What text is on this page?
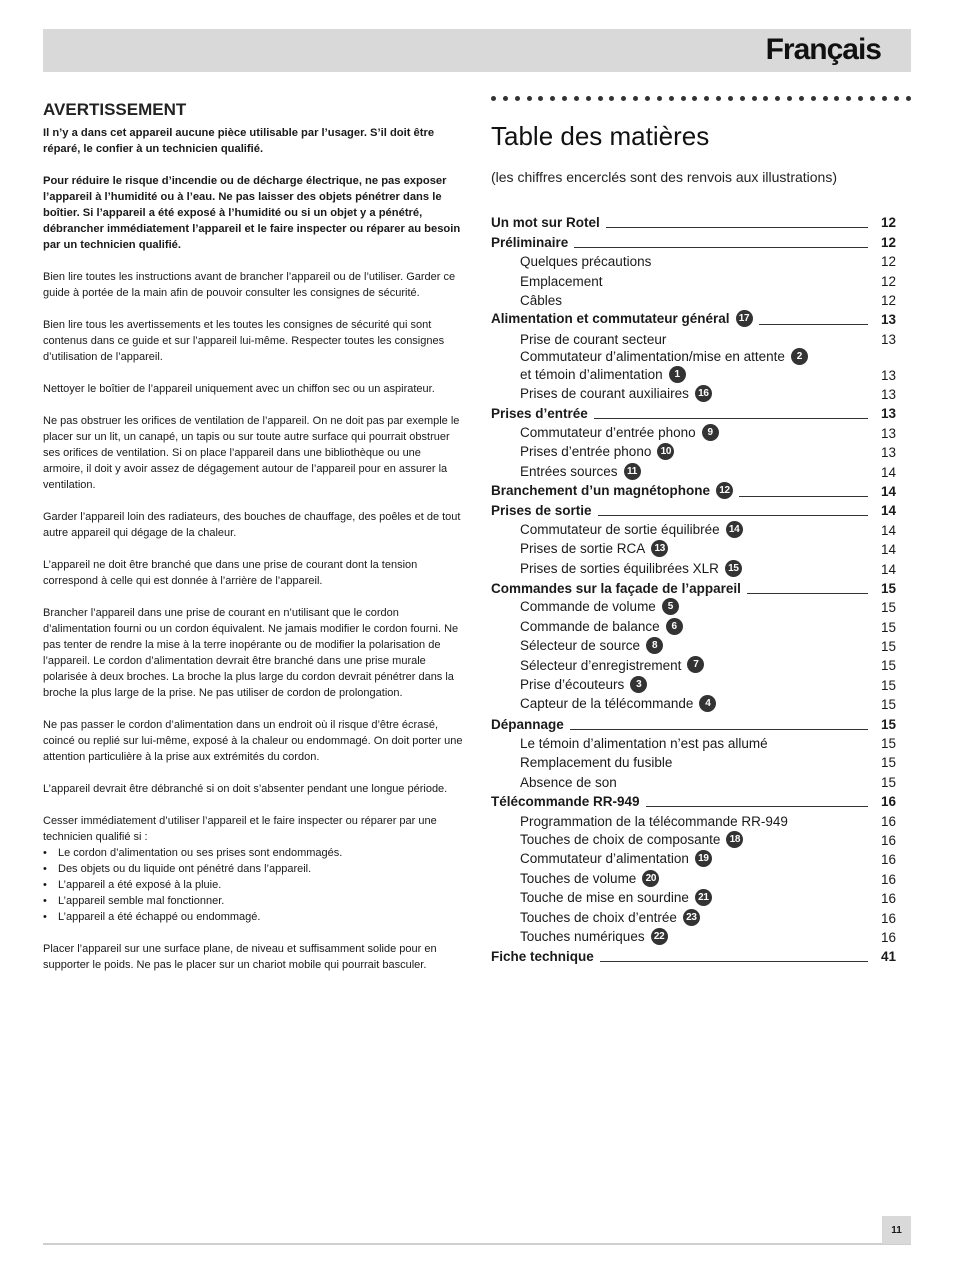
Français
AVERTISSEMENT

Il n’y a dans cet appareil aucune pièce utilisable par l’usager. S’il doit être réparé, le confier à un technicien qualifié.

Pour réduire le risque d’incendie ou de décharge électrique, ne pas exposer l’appareil à l’humidité ou à l’eau. Ne pas laisser des objets pénétrer dans le boîtier. Si l’appareil a été exposé à l’humidité ou si un objet y a pénétré, débrancher immédiatement l’appareil et le faire inspecter ou réparer au besoin par un technicien qualifié.

Bien lire toutes les instructions avant de brancher l’appareil ou de l’utiliser. Garder ce guide à portée de la main afin de pouvoir consulter les consignes de sécurité.

Bien lire tous les avertissements et les toutes les consignes de sécurité qui sont contenus dans ce guide et sur l’appareil lui-même. Respecter toutes les consignes d’utilisation de l’appareil.

Nettoyer le boîtier de l’appareil uniquement avec un chiffon sec ou un aspirateur.

Ne pas obstruer les orifices de ventilation de l’appareil. On ne doit pas par exemple le placer sur un lit, un canapé, un tapis ou sur toute autre surface qui pourrait obstruer ses orifices de ventilation. Si on place l’appareil dans une bibliothèque ou une armoire, il doit y avoir assez de dégagement autour de l’appareil pour en assurer la ventilation.

Garder l’appareil loin des radiateurs, des bouches de chauffage, des poêles et de tout autre appareil qui dégage de la chaleur.

L’appareil ne doit être branché que dans une prise de courant dont la tension correspond à celle qui est donnée à l’arrière de l’appareil.

Brancher l’appareil dans une prise de courant en n’utilisant que le cordon d’alimentation fourni ou un cordon équivalent. Ne jamais modifier le cordon fourni. Ne pas tenter de rendre la mise à la terre inopérante ou de modifier la polarisation de l’appareil. Le cordon d’alimentation devrait être branché dans une prise murale polarisée à deux broches. La broche la plus large du cordon devrait pénétrer dans la broche la plus large de la prise. Ne pas utiliser de cordon de prolongation.

Ne pas passer le cordon d’alimentation dans un endroit où il risque d’être écrasé, coincé ou replié sur lui-même, exposé à la chaleur ou endommagé. On doit porter une attention particulière à la prise aux extrémités du cordon.

L’appareil devrait être débranché si on doit s’absenter pendant une longue période.

Cesser immédiatement d’utiliser l’appareil et le faire inspecter ou réparer par une technicien qualifié si :

• Le cordon d’alimentation ou ses prises sont endommagés.
• Des objets ou du liquide ont pénétré dans l’appareil.
• L’appareil a été exposé à la pluie.
• L’appareil semble mal fonctionner.
• L’appareil a été échappé ou endommagé.

Placer l’appareil sur une surface plane, de niveau et suffisamment solide pour en supporter le poids. Ne pas le placer sur un chariot mobile qui pourrait basculer.

Table des matières

(les chiffres encerclés sont des renvois aux illustrations)

Un mot sur Rotel	12
Préliminaire	12
Quelques précautions	12
Emplacement	12
Câbles	12
Alimentation et commutateur général 17	13
Prise de courant secteur	13
Commutateur d’alimentation/mise en attente 2
et témoin d’alimentation 1	13
Prises de courant auxiliaires 16	13
Prises d’entrée	13
Commutateur d’entrée phono 9	13
Prises d’entrée phono 10	13
Entrées sources 11	14
Branchement d’un magnétophone 12	14
Prises de sortie	14
Commutateur de sortie équilibrée 14	14
Prises de sortie RCA 13	14
Prises de sorties équilibrées XLR 15	14
Commandes sur la façade de l’appareil	15
Commande de volume 5	15
Commande de balance 6	15
Sélecteur de source 8	15
Sélecteur d’enregistrement 7	15
Prise d’écouteurs 3	15
Capteur de la télécommande 4	15
Dépannage	15
Le témoin d’alimentation n’est pas allumé	15
Remplacement du fusible	15
Absence de son	15
Télécommande RR-949	16
Programmation de la télécommande RR-949	16
Touches de choix de composante 18	16
Commutateur d’alimentation 19	16
Touches de volume 20	16
Touche de mise en sourdine 21	16
Touches de choix d’entrée 23	16
Touches numériques 22	16
Fiche technique	41
11
